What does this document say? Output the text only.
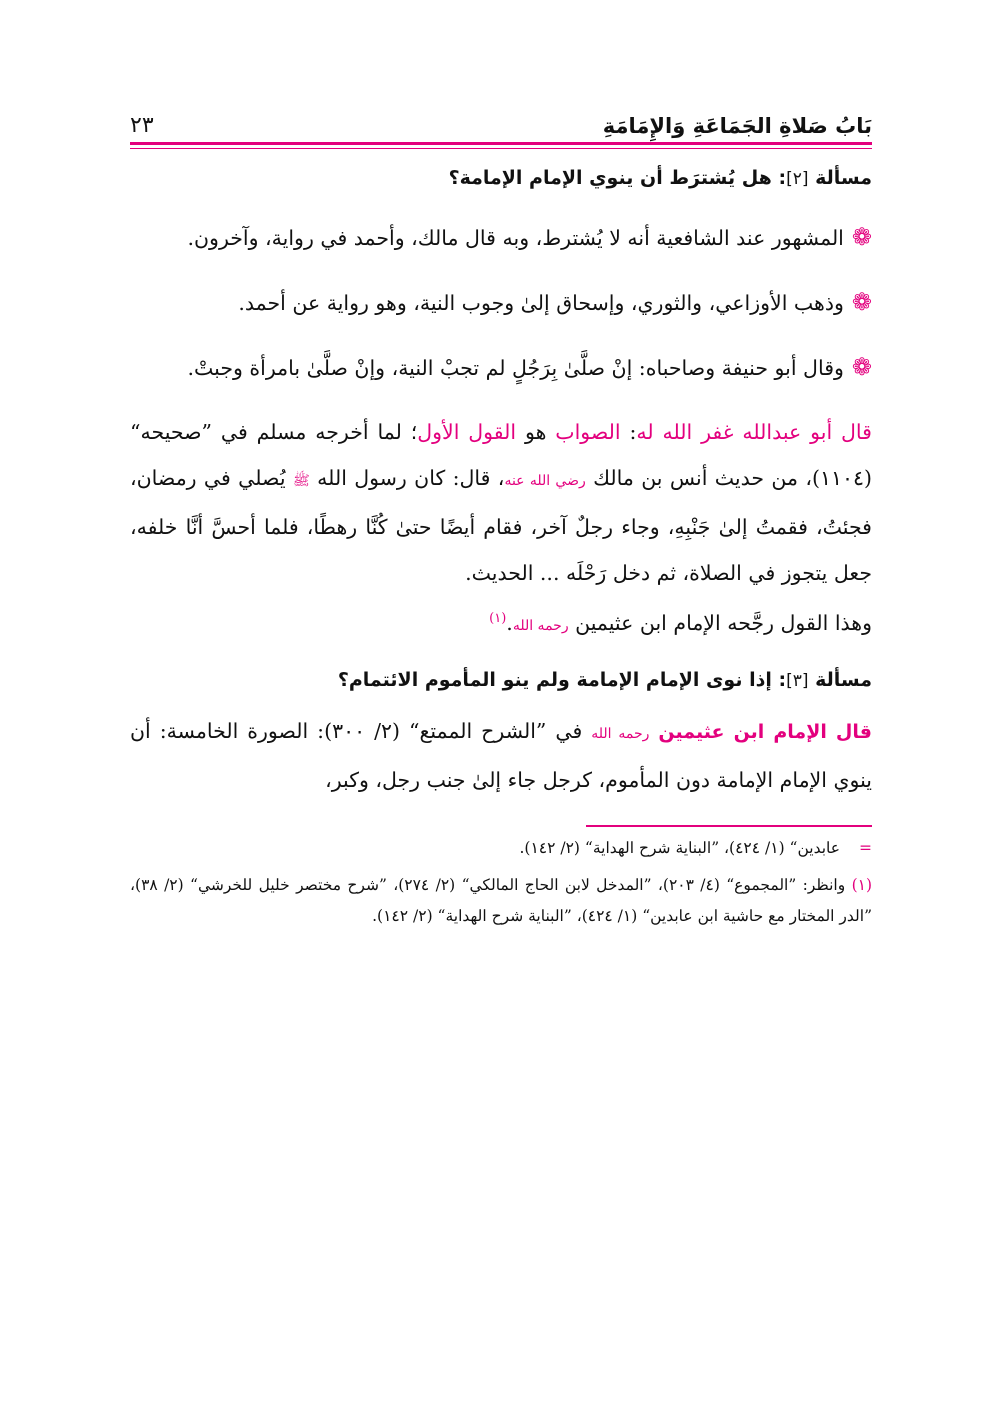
بَابُ صَلاةِ الجَمَاعَةِ وَالإِمَامَةِ
٢٣

مسألة [٢]: هل يُشترَط أن ينوي الإمام الإمامة؟

❁المشهور عند الشافعية أنه لا يُشترط، وبه قال مالك، وأحمد في رواية، وآخرون.

❁وذهب الأوزاعي، والثوري، وإسحاق إلىٰ وجوب النية، وهو رواية عن أحمد.

❁وقال أبو حنيفة وصاحباه: إنْ صلَّىٰ بِرَجُلٍ لم تجبْ النية، وإنْ صلَّىٰ بامرأة وجبتْ.

قال أبو عبدالله غفر الله له: الصواب هو القول الأول؛ لما أخرجه مسلم في ”صحيحه“ (١١٠٤)، من حديث أنس بن مالك رضي الله عنه، قال: كان رسول الله ﷺ يُصلي في رمضان، فجئتُ، فقمتُ إلىٰ جَنْبِهِ، وجاء رجلٌ آخر، فقام أيضًا حتىٰ كُنَّا رهطًا، فلما أحسَّ أنَّا خلفه، جعل يتجوز في الصلاة، ثم دخل رَحْلَه ... الحديث.
وهذا القول رجَّحه الإمام ابن عثيمين رحمه الله.$^{(١)}$

مسألة [٣]: إذا نوى الإمام الإمامة ولم ينو المأموم الائتمام؟

قال الإمام ابن عثيمين رحمه الله في ”الشرح الممتع“ (٢/ ٣٠٠): الصورة الخامسة: أن ينوي الإمام الإمامة دون المأموم، كرجل جاء إلىٰ جنب رجل، وكبر،

=
عابدين“ (١/ ٤٢٤)، ”البناية شرح الهداية“ (٢/ ١٤٢).
(١) وانظر: ”المجموع“ (٤/ ٢٠٣)، ”المدخل لابن الحاج المالكي“ (٢/ ٢٧٤)، ”شرح مختصر خليل للخرشي“ (٢/ ٣٨)، ”الدر المختار مع حاشية ابن عابدين“ (١/ ٤٢٤)، ”البناية شرح الهداية“ (٢/ ١٤٢).
